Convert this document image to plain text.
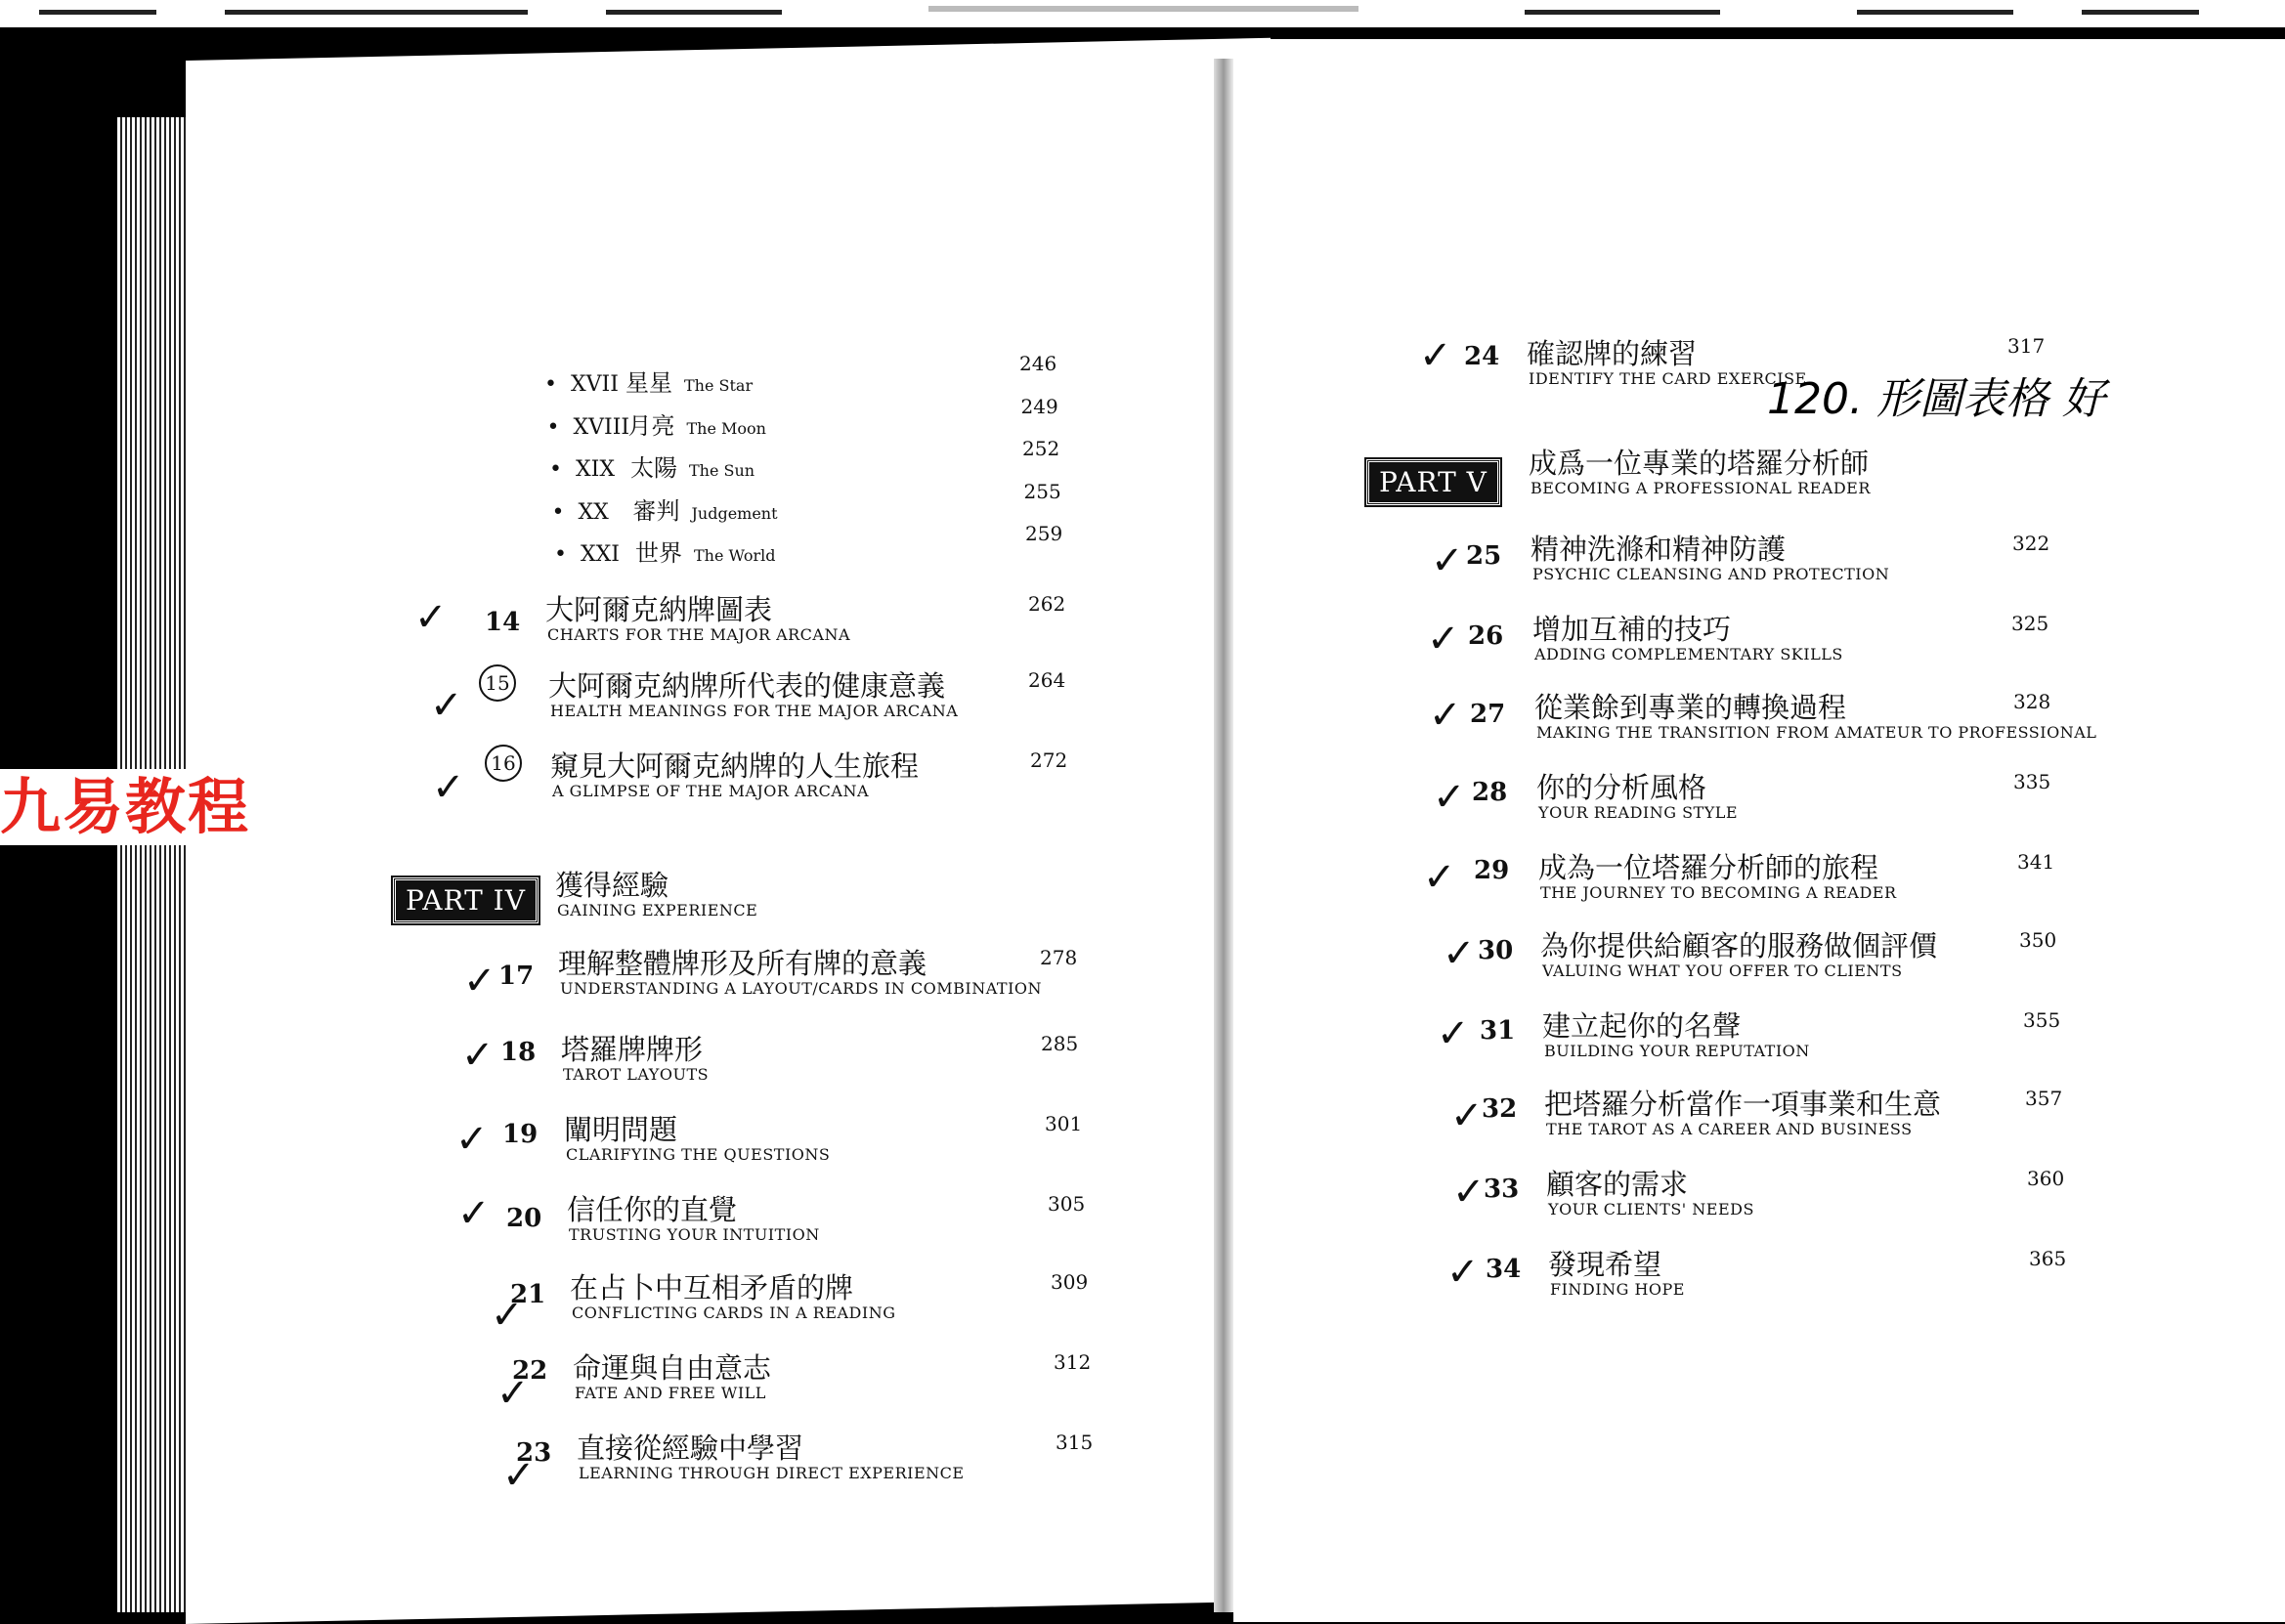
九易教程
• XVII 星星 The Star
246
• XVIII月亮 The Moon
249
• XIX 太陽 The Sun
252
• XX 審判 Judgement
255
• XXI 世界 The World
259
大阿爾克納牌圖表
CHARTS FOR THE MAJOR ARCANA
262
14
✓
大阿爾克納牌所代表的健康意義
HEALTH MEANINGS FOR THE MAJOR ARCANA
264
15
✓
窺見大阿爾克納牌的人生旅程
A GLIMPSE OF THE MAJOR ARCANA
272
16
✓
PART IV	獲得經驗
GAINING EXPERIENCE
理解整體牌形及所有牌的意義
UNDERSTANDING A LAYOUT/CARDS IN COMBINATION
278
17
✓
塔羅牌牌形
TAROT LAYOUTS
285
18
✓
闡明問題
CLARIFYING THE QUESTIONS
301
19
✓
信任你的直覺
TRUSTING YOUR INTUITION
305
20
✓
在占卜中互相矛盾的牌
CONFLICTING CARDS IN A READING
309
21
✓
命運與自由意志
FATE AND FREE WILL
312
22
✓
直接從經驗中學習
LEARNING THROUGH DIRECT EXPERIENCE
315
23
✓
確認牌的練習
IDENTIFY THE CARD EXERCISE
317
24
✓
120. 形圖表格 好
PART V
成爲一位專業的塔羅分析師
BECOMING A PROFESSIONAL READER
精神洗滌和精神防護
PSYCHIC CLEANSING AND PROTECTION
322
25
✓
增加互補的技巧
ADDING COMPLEMENTARY SKILLS
325
26
✓
從業餘到專業的轉換過程
MAKING THE TRANSITION FROM AMATEUR TO PROFESSIONAL
328
27
✓
你的分析風格
YOUR READING STYLE
335
28
✓
成為一位塔羅分析師的旅程
THE JOURNEY TO BECOMING A READER
341
29
✓
為你提供給顧客的服務做個評價
VALUING WHAT YOU OFFER TO CLIENTS
350
30
✓
建立起你的名聲
BUILDING YOUR REPUTATION
355
31
✓
把塔羅分析當作一項事業和生意
THE TAROT AS A CAREER AND BUSINESS
357
32
✓
顧客的需求
YOUR CLIENTS' NEEDS
360
33
✓
發現希望
FINDING HOPE
365
34
✓
